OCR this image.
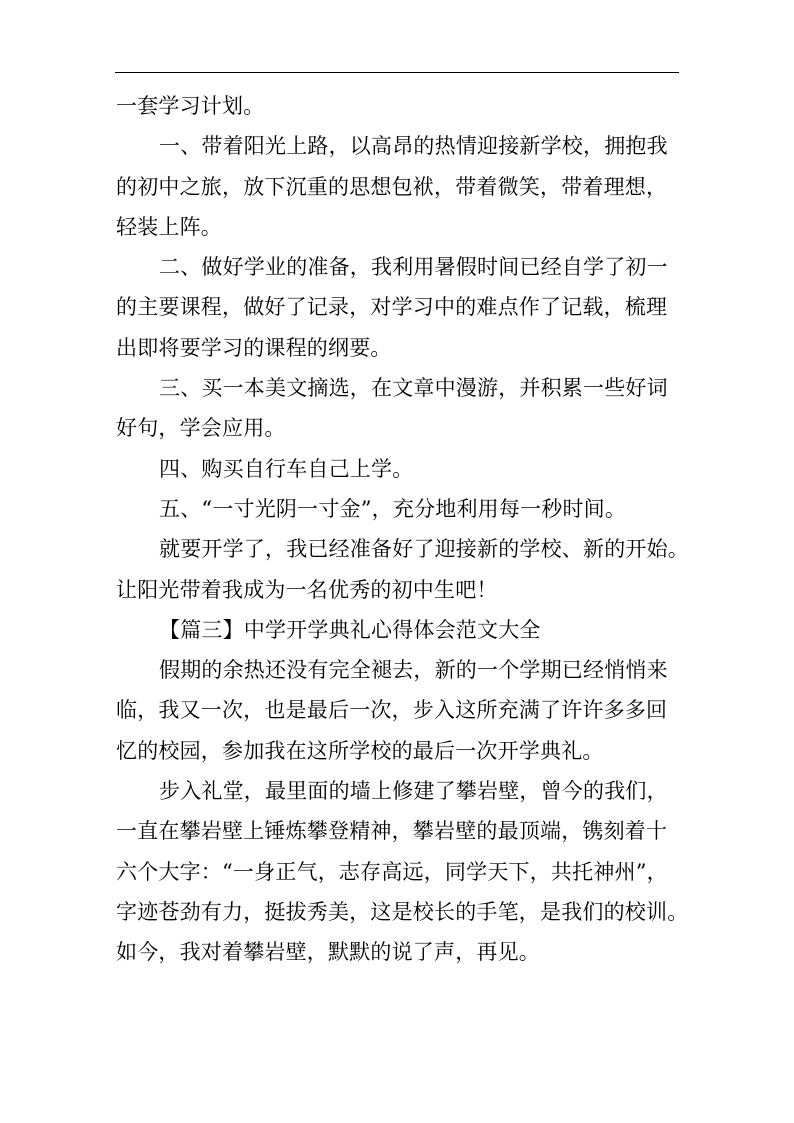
一套学习计划。
一、带着阳光上路，以高昂的热情迎接新学校，拥抱我
的初中之旅，放下沉重的思想包袱，带着微笑，带着理想，
轻装上阵。
二、做好学业的准备，我利用暑假时间已经自学了初一
的主要课程，做好了记录，对学习中的难点作了记载，梳理
出即将要学习的课程的纲要。
三、买一本美文摘选，在文章中漫游，并积累一些好词
好句，学会应用。
四、购买自行车自己上学。
五、“一寸光阴一寸金”，充分地利用每一秒时间。
就要开学了，我已经准备好了迎接新的学校、新的开始。
让阳光带着我成为一名优秀的初中生吧！
【篇三】中学开学典礼心得体会范文大全
假期的余热还没有完全褪去，新的一个学期已经悄悄来
临，我又一次，也是最后一次，步入这所充满了许许多多回
忆的校园，参加我在这所学校的最后一次开学典礼。
步入礼堂，最里面的墙上修建了攀岩壁，曾今的我们，
一直在攀岩壁上锤炼攀登精神，攀岩壁的最顶端，镌刻着十
六个大字：“一身正气，志存高远，同学天下，共托神州”，
字迹苍劲有力，挺拔秀美，这是校长的手笔，是我们的校训。
如今，我对着攀岩壁，默默的说了声，再见。
